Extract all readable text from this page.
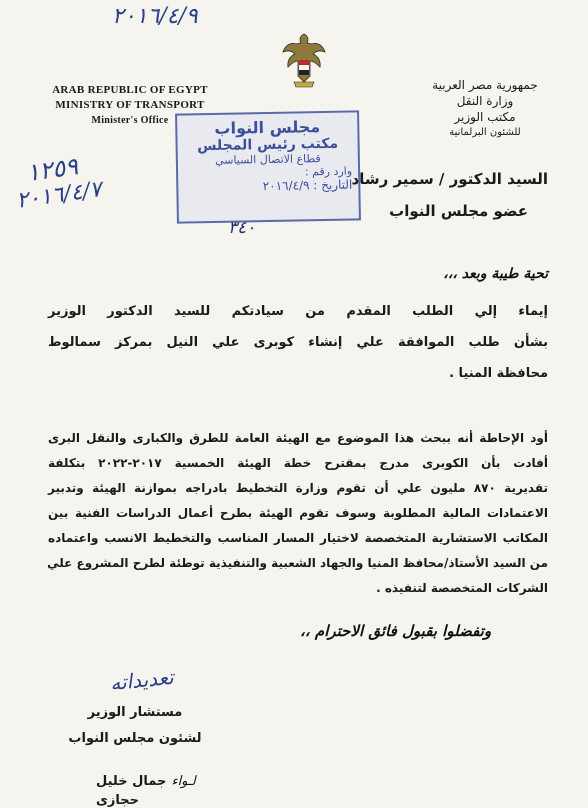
٢٠١٦/٤/٩
ARAB REPUBLIC OF EGYPT
MINISTRY OF TRANSPORT
Minister's Office
جمهورية مصر العربية
وزارة النقل
مكتب الوزير
للشئون البرلمانية
مجلس النواب
مكتب رئيس المجلس
قطاع الاتصال السياسي
وارد رقم :
التاريخ : ٢٠١٦/٤/٩
٣٤٠
١٢٥٩
٢٠١٦/٤/٧	السيد الدكتور / سمير رشاد
عضو مجلس النواب
تحية طيبة وبعد ،،،
إيماء إلي الطلب المقدم من سيادتكم للسيد الدكتور الوزير
بشأن طلب الموافقة علي إنشاء كوبرى علي النيل بمركز سمالوط
محافظة المنيا .
أود الإحاطة أنه ببحث هذا الموضوع مع الهيئة العامة للطرق والكبارى والنقل البرى
أفادت بأن الكوبرى مدرج بمقترح خطة الهيئة الخمسية ٢٠١٧-٢٠٢٢ بتكلفة
تقديرية ٨٧٠ مليون علي أن تقوم وزارة التخطيط بادراجه بموازنة الهيئة وتدبير
الاعتمادات المالية المطلوبة وسوف تقوم الهيئة بطرح أعمال الدراسات الفنية بين
المكاتب الاستشارية المتخصصة لاختيار المسار المناسب والتخطيط الانسب واعتماده
من السيد الأستاذ/محافظ المنيا والجهاد الشعبية والتنفيذية توطئة لطرح المشروع علي
الشركات المتخصصة لتنفيذه .
وتفضلوا بقبول فائق الاحترام ،،
تعديداته
مستشار الوزير
لشئون مجلس النواب
لـواء جمال خليل حجازى
